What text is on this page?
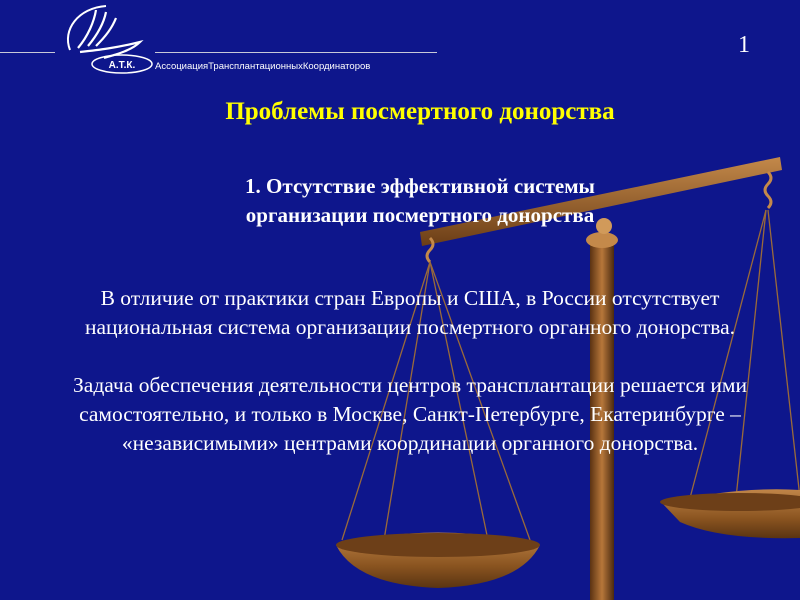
А.Т.К. АссоциацияТрансплантационныхКоординаторов
1
Проблемы посмертного донорства
1. Отсутствие эффективной системы
организации посмертного донорства

В отличие от практики стран Европы и США, в России отсутствует национальная система организации посмертного органного донорства.

Задача обеспечения деятельности центров трансплантации решается ими самостоятельно, и только в Москве, Санкт-Петербурге, Екатеринбурге – «независимыми» центрами координации органного донорства.
